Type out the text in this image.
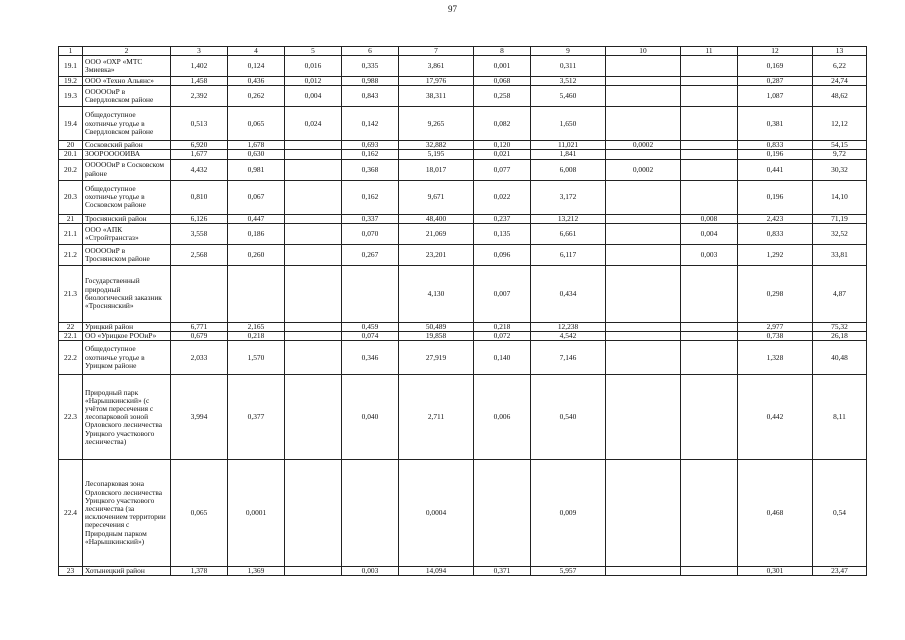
97
1	2	3	4	5	6	7	8	9	10	11	12	13
19.1	ООО «ОХР «МТС Змиевка»	1,402	0,124	0,016	0,335	3,861	0,001	0,311			0,169	6,22
19.2	ООО «Техно Альянс»	1,458	0,436	0,012	0,988	17,976	0,068	3,512			0,287	24,74
19.3	ОООООиР в Свердловском районе	2,392	0,262	0,004	0,843	38,311	0,258	5,460			1,087	48,62
19.4	Общедоступное охотничье угодье в Свердловском районе	0,513	0,065	0,024	0,142	9,265	0,082	1,650			0,381	12,12
20	Сосковский район	6,920	1,678		0,693	32,882	0,120	11,021	0,0002		0,833	54,15
20.1	ЗООРООООИВА	1,677	0,630		0,162	5,195	0,021	1,841			0,196	9,72
20.2	ОООООиР в Сосковском районе	4,432	0,981		0,368	18,017	0,077	6,008	0,0002		0,441	30,32
20.3	Общедоступное охотничье угодье в Сосковском районе	0,810	0,067		0,162	9,671	0,022	3,172			0,196	14,10
21	Троснянский район	6,126	0,447		0,337	48,400	0,237	13,212		0,008	2,423	71,19
21.1	ООО «АПК «Стройтрансгаз»	3,558	0,186		0,070	21,069	0,135	6,661		0,004	0,833	32,52
21.2	ОООООиР в Троснянском районе	2,568	0,260		0,267	23,201	0,096	6,117		0,003	1,292	33,81
21.3	Государственный природный биологический заказник «Троснянский»					4,130	0,007	0,434			0,298	4,87
22	Урицкий район	6,771	2,165		0,459	50,489	0,218	12,238			2,977	75,32
22.1	ОО «Урицкое РООиР»	0,679	0,218		0,074	19,858	0,072	4,542			0,738	26,18
22.2	Общедоступное охотничье угодье в Урицком районе	2,033	1,570		0,346	27,919	0,140	7,146			1,328	40,48
22.3	Природный парк «Нарышкинский» (с учётом пересечения с лесопарковой зоной Орловского лесничества Урицкого участкового лесничества)	3,994	0,377		0,040	2,711	0,006	0,540			0,442	8,11
22.4	Лесопарковая зона Орловского лесничества Урицкого участкового лесничества (за исключением территории пересечения с Природным парком «Нарышкинский»)	0,065	0,0001			0,0004		0,009			0,468	0,54
23	Хотынецкий район	1,378	1,369		0,003	14,094	0,371	5,957			0,301	23,47
